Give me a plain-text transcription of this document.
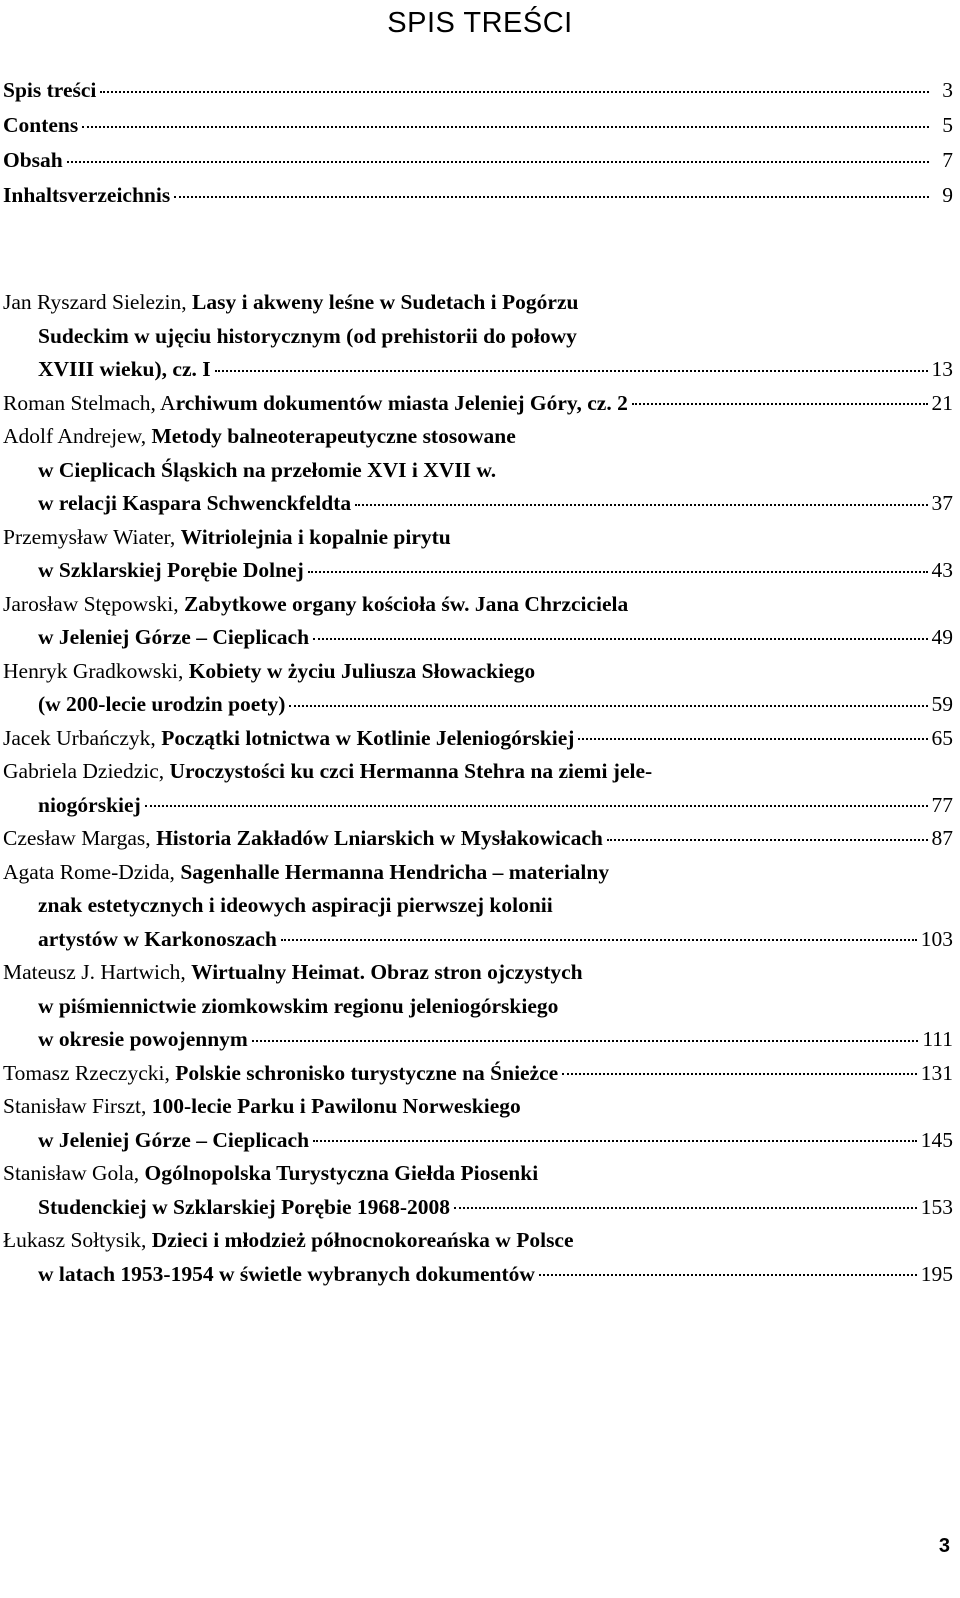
SPIS TREŚCI
Spis treści	3
Contens	5
Obsah	7
Inhaltsverzeichnis	9
Jan Ryszard Sielezin, Lasy i akweny leśne w Sudetach i Pogórzu
Sudeckim w ujęciu historycznym (od prehistorii do połowy
XVIII wieku), cz. I	13
Roman Stelmach, Archiwum dokumentów miasta Jeleniej Góry, cz. 2	21
Adolf Andrejew, Metody balneoterapeutyczne stosowane
w Cieplicach Śląskich na przełomie XVI i XVII w.
w relacji Kaspara Schwenckfeldta	37
Przemysław Wiater, Witriolejnia i kopalnie pirytu
w Szklarskiej Porębie Dolnej	43
Jarosław Stępowski, Zabytkowe organy kościoła św. Jana Chrzciciela
w Jeleniej Górze – Cieplicach	49
Henryk Gradkowski, Kobiety w życiu Juliusza Słowackiego
(w 200-lecie urodzin poety)	59
Jacek Urbańczyk, Początki lotnictwa w Kotlinie Jeleniogórskiej	65
Gabriela Dziedzic, Uroczystości ku czci Hermanna Stehra na ziemi jele-
niogórskiej	77
Czesław Margas, Historia Zakładów Lniarskich w Mysłakowicach	87
Agata Rome-Dzida, Sagenhalle Hermanna Hendricha – materialny
znak estetycznych i ideowych aspiracji pierwszej kolonii
artystów w Karkonoszach	103
Mateusz J. Hartwich, Wirtualny Heimat. Obraz stron ojczystych
w piśmiennictwie ziomkowskim regionu jeleniogórskiego
w okresie powojennym	111
Tomasz Rzeczycki, Polskie schronisko turystyczne na Śnieżce	131
Stanisław Firszt, 100-lecie Parku i Pawilonu Norweskiego
w Jeleniej Górze – Cieplicach	145
Stanisław Gola, Ogólnopolska Turystyczna Giełda Piosenki
Studenckiej w Szklarskiej Porębie 1968-2008	153
Łukasz Sołtysik, Dzieci i młodzież północnokoreańska w Polsce
w latach 1953-1954 w świetle wybranych dokumentów	195
3
